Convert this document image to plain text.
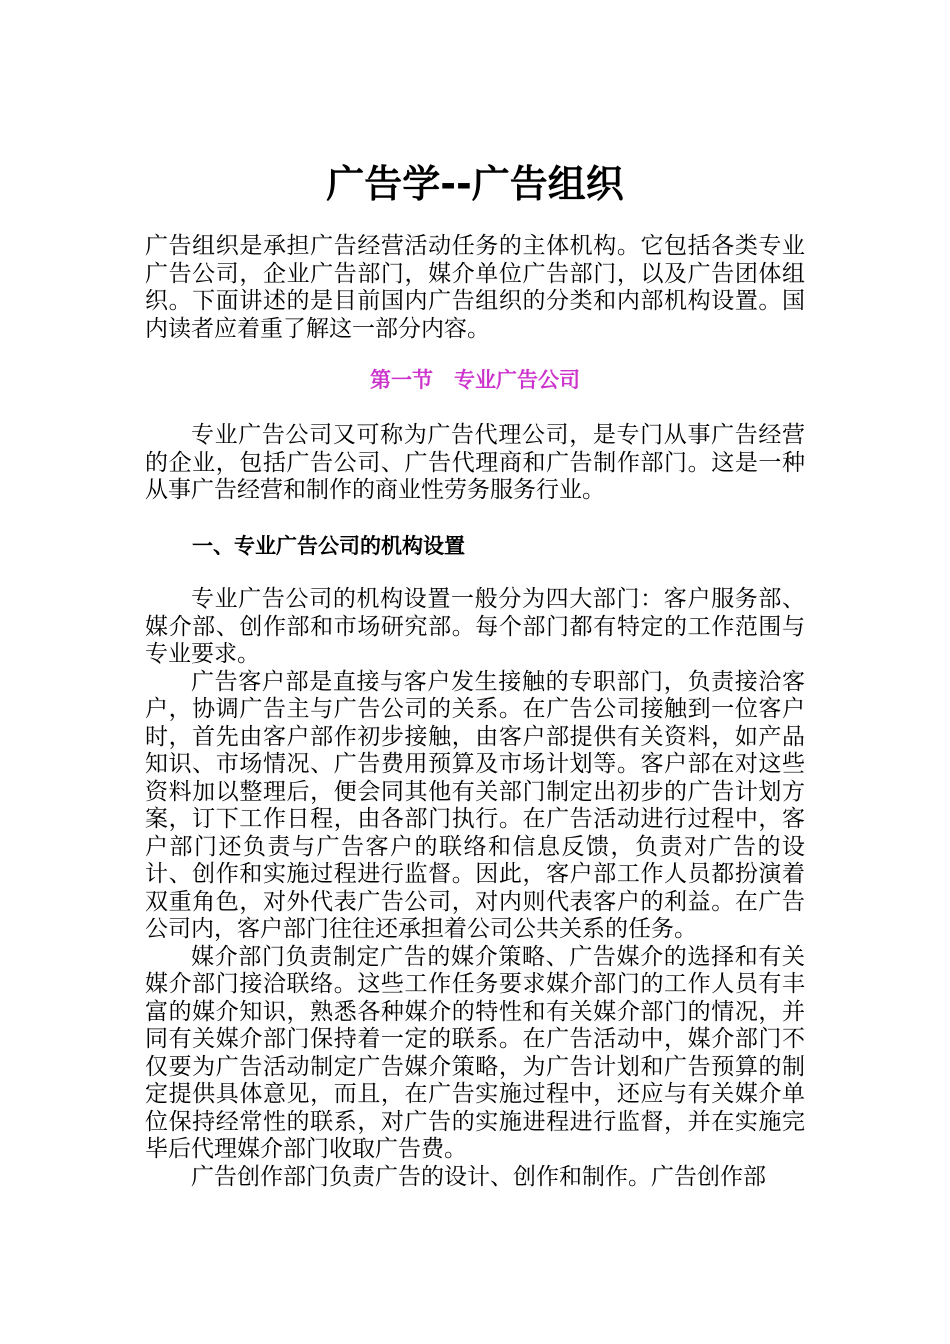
广告学--广告组织

广告组织是承担广告经营活动任务的主体机构。它包括各类专业广告公司，企业广告部门，媒介单位广告部门，以及广告团体组织。下面讲述的是目前国内广告组织的分类和内部机构设置。国内读者应着重了解这一部分内容。

第一节　专业广告公司

专业广告公司又可称为广告代理公司，是专门从事广告经营的企业，包括广告公司、广告代理商和广告制作部门。这是一种从事广告经营和制作的商业性劳务服务行业。

一、专业广告公司的机构设置

专业广告公司的机构设置一般分为四大部门：客户服务部、媒介部、创作部和市场研究部。每个部门都有特定的工作范围与专业要求。

广告客户部是直接与客户发生接触的专职部门，负责接洽客户，协调广告主与广告公司的关系。在广告公司接触到一位客户时，首先由客户部作初步接触，由客户部提供有关资料，如产品知识、市场情况、广告费用预算及市场计划等。客户部在对这些资料加以整理后，便会同其他有关部门制定出初步的广告计划方案，订下工作日程，由各部门执行。在广告活动进行过程中，客户部门还负责与广告客户的联络和信息反馈，负责对广告的设计、创作和实施过程进行监督。因此，客户部工作人员都扮演着双重角色，对外代表广告公司，对内则代表客户的利益。在广告公司内，客户部门往往还承担着公司公共关系的任务。

媒介部门负责制定广告的媒介策略、广告媒介的选择和有关媒介部门接洽联络。这些工作任务要求媒介部门的工作人员有丰富的媒介知识，熟悉各种媒介的特性和有关媒介部门的情况，并同有关媒介部门保持着一定的联系。在广告活动中，媒介部门不仅要为广告活动制定广告媒介策略，为广告计划和广告预算的制定提供具体意见，而且，在广告实施过程中，还应与有关媒介单位保持经常性的联系，对广告的实施进程进行监督，并在实施完毕后代理媒介部门收取广告费。

广告创作部门负责广告的设计、创作和制作。广告创作部
